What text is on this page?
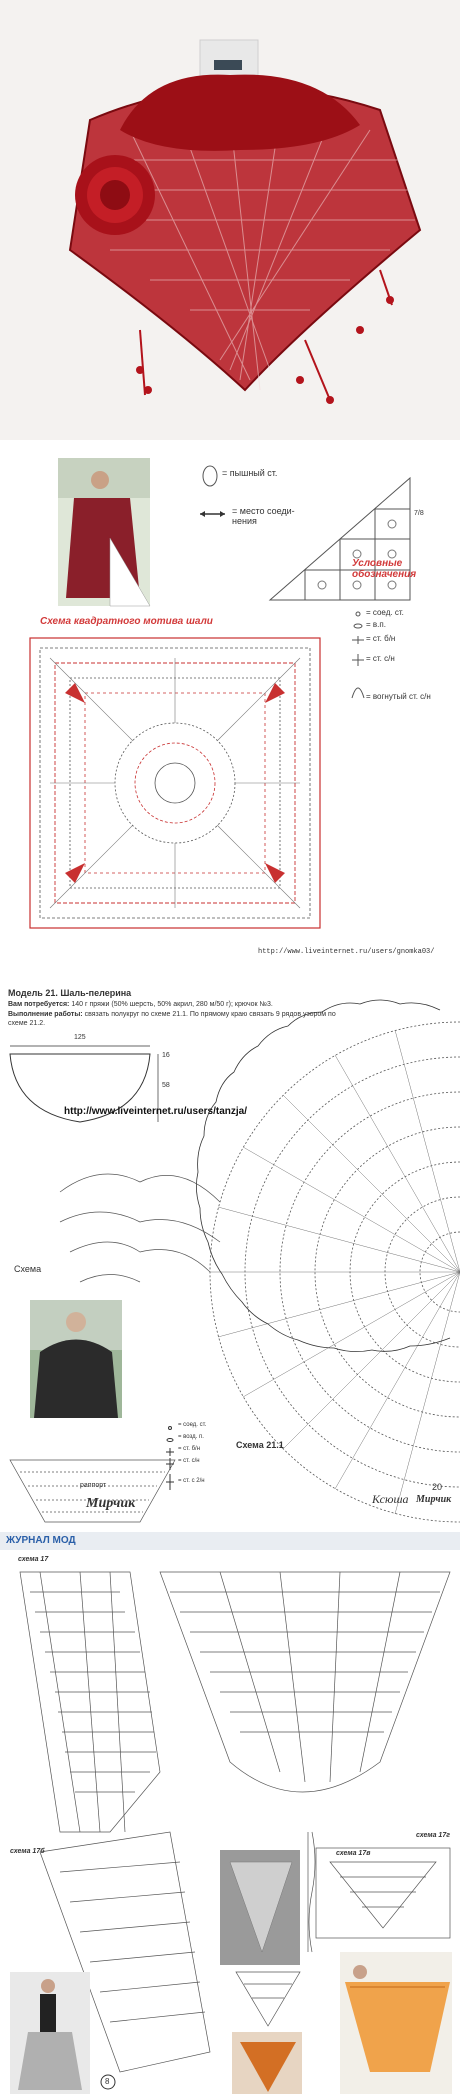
= пышный ст.
= место соеди-
нения
7/8
Схема квадратного мотива шали
Условные обозначения
= соед. ст.
= в.п.
= ст. б/н
= ст. с/н
= вогнутый ст. с/н
http://www.liveinternet.ru/users/gnomka03/
Модель 21. Шаль-пелерина
Вам потребуется: 140 г пряжи (50% шерсть, 50% акрил, 280 м/50 г); крючок №3.
Выполнение работы: связать полукруг по схеме 21.1. По прямому краю связать 9 рядов узором по схеме 21.2.
125
16
58
http://www.liveinternet.ru/users/tanzja/
Схема 21.1
Схема
раппорт
= соед. ст.
= возд. п.
= ст. б/н
= ст. с/н
= ст. с 2/н
Мирчик	Ксюша Мирчик
20
ЖУРНАЛ МОД
схема 17
схема 17б	схема 17в
схема 17г
8
